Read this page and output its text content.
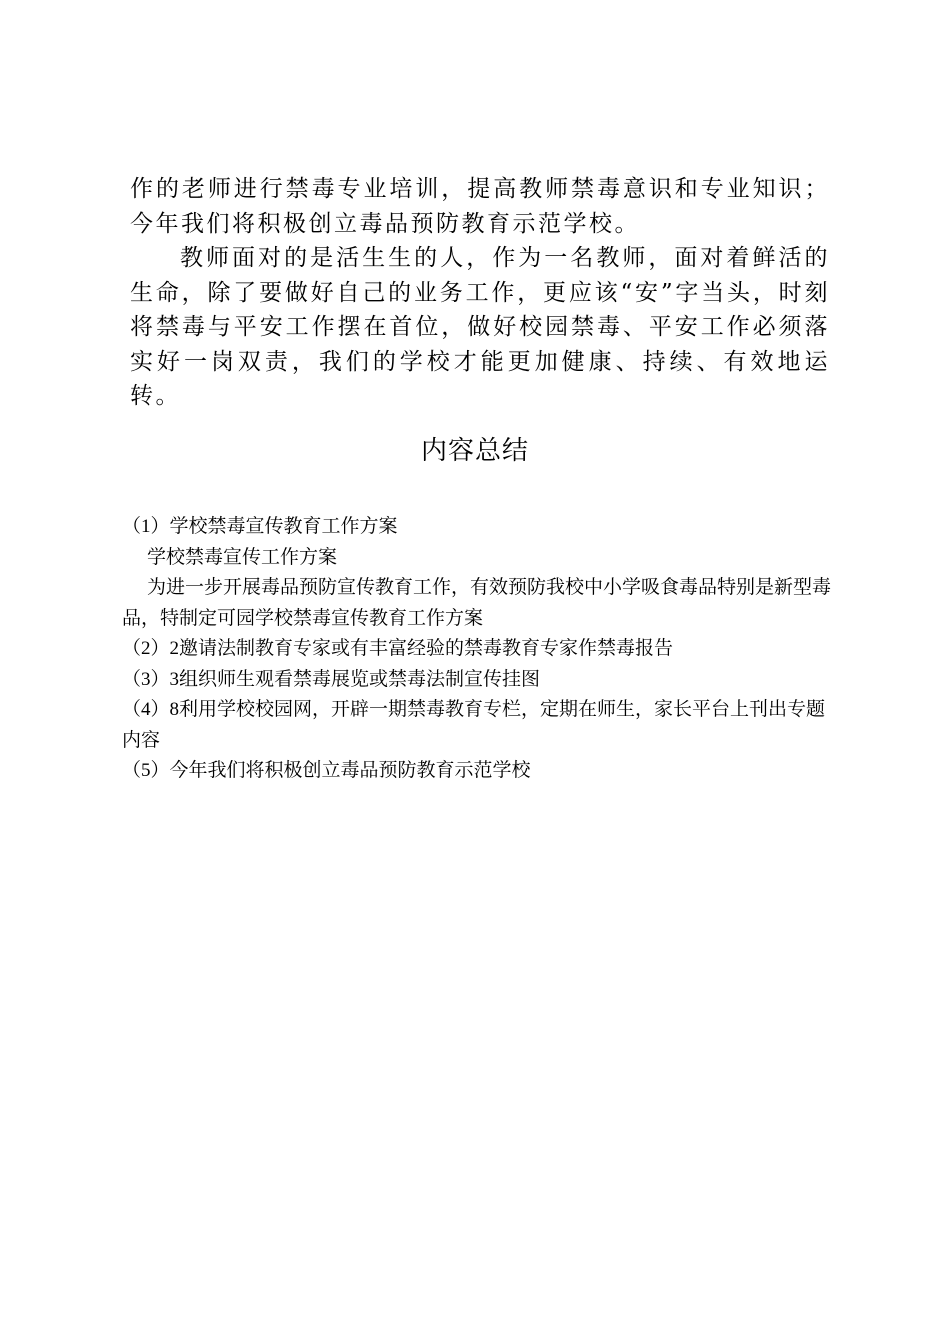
作的老师进行禁毒专业培训，提高教师禁毒意识和专业知识；今年我们将积极创立毒品预防教育示范学校。

教师面对的是活生生的人，作为一名教师，面对着鲜活的生命，除了要做好自己的业务工作，更应该“安”字当头，时刻将禁毒与平安工作摆在首位，做好校园禁毒、平安工作必须落实好一岗双责，我们的学校才能更加健康、持续、有效地运转。

内容总结

（1）学校禁毒宣传教育工作方案

学校禁毒宣传工作方案

为进一步开展毒品预防宣传教育工作，有效预防我校中小学吸食毒品特别是新型毒品，特制定可园学校禁毒宣传教育工作方案

（2）2邀请法制教育专家或有丰富经验的禁毒教育专家作禁毒报告

（3）3组织师生观看禁毒展览或禁毒法制宣传挂图

（4）8利用学校校园网，开辟一期禁毒教育专栏，定期在师生，家长平台上刊出专题内容

（5）今年我们将积极创立毒品预防教育示范学校
